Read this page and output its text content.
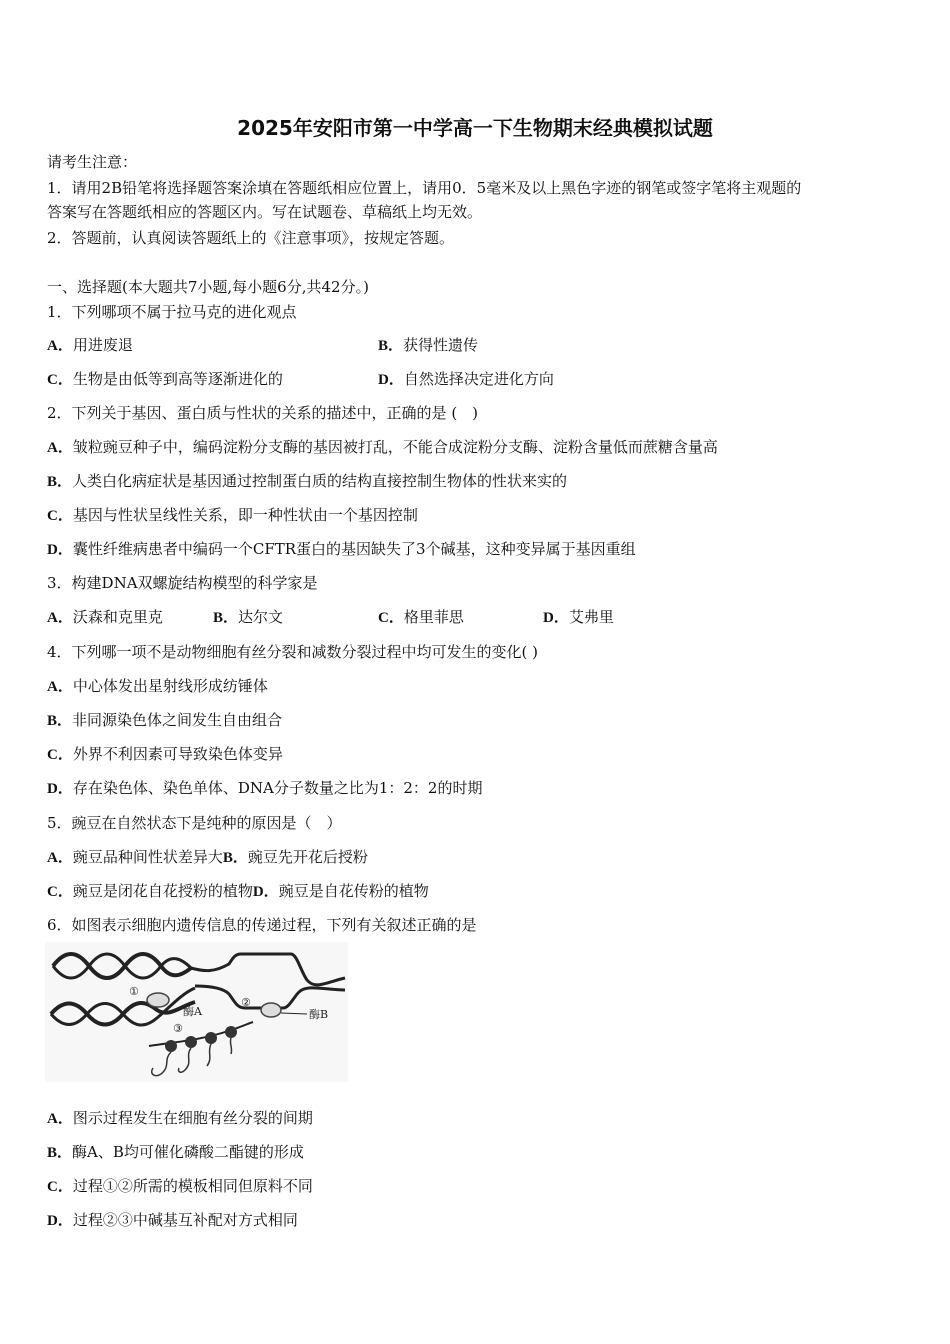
2025年安阳市第一中学高一下生物期末经典模拟试题
请考生注意：
1．请用2B铅笔将选择题答案涂填在答题纸相应位置上，请用0．5毫米及以上黑色字迹的钢笔或签字笔将主观题的
答案写在答题纸相应的答题区内。写在试题卷、草稿纸上均无效。
2．答题前，认真阅读答题纸上的《注意事项》，按规定答题。
一、选择题(本大题共7小题,每小题6分,共42分。)
1．下列哪项不属于拉马克的进化观点
A．用进废退	B．获得性遗传
C．生物是由低等到高等逐渐进化的	D．自然选择决定进化方向
2．下列关于基因、蛋白质与性状的关系的描述中，正确的是 (　)
A．皱粒豌豆种子中，编码淀粉分支酶的基因被打乱，不能合成淀粉分支酶、淀粉含量低而蔗糖含量高
B．人类白化病症状是基因通过控制蛋白质的结构直接控制生物体的性状来实的
C．基因与性状呈线性关系，即一种性状由一个基因控制
D．囊性纤维病患者中编码一个CFTR蛋白的基因缺失了3个碱基，这种变异属于基因重组
3．构建DNA双螺旋结构模型的科学家是
A．沃森和克里克	B．达尔文	C．格里菲思	D．艾弗里
4．下列哪一项不是动物细胞有丝分裂和减数分裂过程中均可发生的变化( )
A．中心体发出星射线形成纺锤体
B．非同源染色体之间发生自由组合
C．外界不利因素可导致染色体变异
D．存在染色体、染色单体、DNA分子数量之比为1：2：2的时期
5．豌豆在自然状态下是纯种的原因是（　）
A．豌豆品种间性状差异大B．豌豆先开花后授粉
C．豌豆是闭花自花授粉的植物D．豌豆是自花传粉的植物
6．如图表示细胞内遗传信息的传递过程，下列有关叙述正确的是
①
酶A
②
酶B
③
A．图示过程发生在细胞有丝分裂的间期
B．酶A、B均可催化磷酸二酯键的形成
C．过程①②所需的模板相同但原料不同
D．过程②③中碱基互补配对方式相同
